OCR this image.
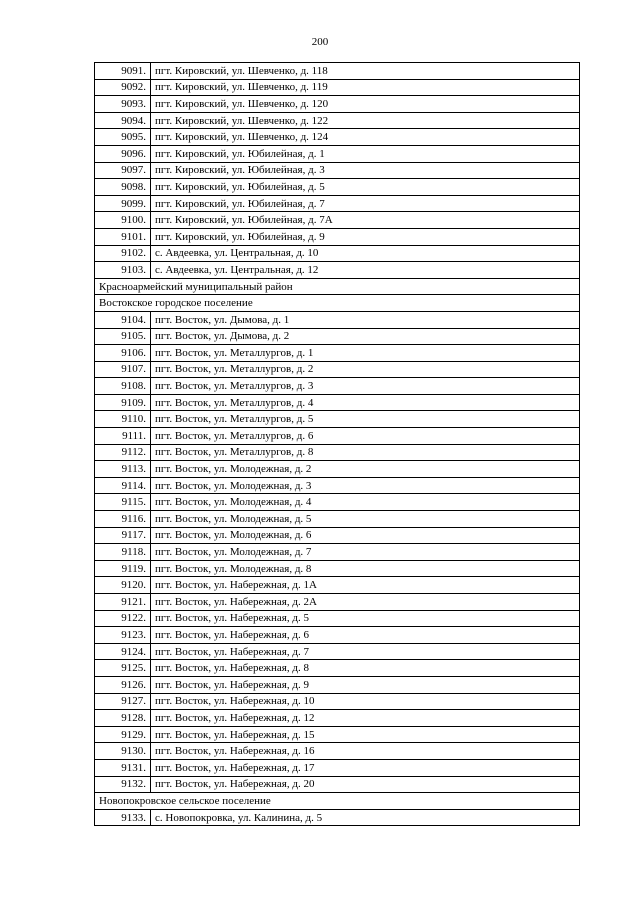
200
9091.	пгт. Кировский, ул. Шевченко, д. 118
9092.	пгт. Кировский, ул. Шевченко, д. 119
9093.	пгт. Кировский, ул. Шевченко, д. 120
9094.	пгт. Кировский, ул. Шевченко, д. 122
9095.	пгт. Кировский, ул. Шевченко, д. 124
9096.	пгт. Кировский, ул. Юбилейная, д. 1
9097.	пгт. Кировский, ул. Юбилейная, д. 3
9098.	пгт. Кировский, ул. Юбилейная, д. 5
9099.	пгт. Кировский, ул. Юбилейная, д. 7
9100.	пгт. Кировский, ул. Юбилейная, д. 7А
9101.	пгт. Кировский, ул. Юбилейная, д. 9
9102.	с. Авдеевка, ул. Центральная, д. 10
9103.	с. Авдеевка, ул. Центральная, д. 12
Красноармейский муниципальный район	
Востокское городское поселение	
9104.	пгт. Восток, ул. Дымова, д. 1
9105.	пгт. Восток, ул. Дымова, д. 2
9106.	пгт. Восток, ул. Металлургов, д. 1
9107.	пгт. Восток, ул. Металлургов, д. 2
9108.	пгт. Восток, ул. Металлургов, д. 3
9109.	пгт. Восток, ул. Металлургов, д. 4
9110.	пгт. Восток, ул. Металлургов, д. 5
9111.	пгт. Восток, ул. Металлургов, д. 6
9112.	пгт. Восток, ул. Металлургов, д. 8
9113.	пгт. Восток, ул. Молодежная, д. 2
9114.	пгт. Восток, ул. Молодежная, д. 3
9115.	пгт. Восток, ул. Молодежная, д. 4
9116.	пгт. Восток, ул. Молодежная, д. 5
9117.	пгт. Восток, ул. Молодежная, д. 6
9118.	пгт. Восток, ул. Молодежная, д. 7
9119.	пгт. Восток, ул. Молодежная, д. 8
9120.	пгт. Восток, ул. Набережная, д. 1А
9121.	пгт. Восток, ул. Набережная, д. 2А
9122.	пгт. Восток, ул. Набережная, д. 5
9123.	пгт. Восток, ул. Набережная, д. 6
9124.	пгт. Восток, ул. Набережная, д. 7
9125.	пгт. Восток, ул. Набережная, д. 8
9126.	пгт. Восток, ул. Набережная, д. 9
9127.	пгт. Восток, ул. Набережная, д. 10
9128.	пгт. Восток, ул. Набережная, д. 12
9129.	пгт. Восток, ул. Набережная, д. 15
9130.	пгт. Восток, ул. Набережная, д. 16
9131.	пгт. Восток, ул. Набережная, д. 17
9132.	пгт. Восток, ул. Набережная, д. 20
Новопокровское сельское поселение	
9133.	с. Новопокровка, ул. Калинина, д. 5
